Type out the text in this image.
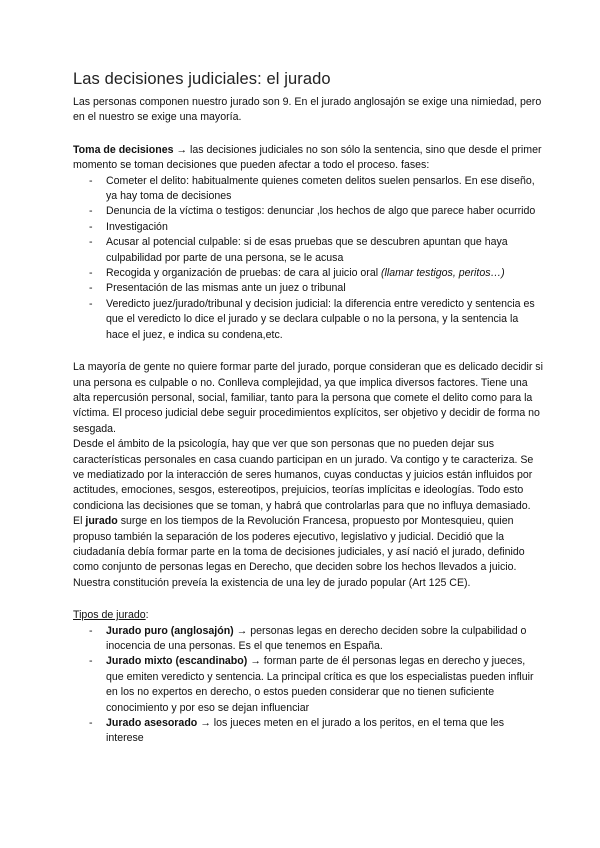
Las decisiones judiciales: el jurado

Las personas componen nuestro jurado son 9. En el jurado anglosajón se exige una nimiedad, pero en el nuestro se exige una mayoría.

Toma de decisiones → las decisiones judiciales no son sólo la sentencia, sino que desde el primer momento se toman decisiones que pueden afectar a todo el proceso. fases:

- Cometer el delito: habitualmente quienes cometen delitos suelen pensarlos. En ese diseño, ya hay toma de decisiones
- Denuncia de la víctima o testigos: denunciar ,los hechos de algo que parece haber ocurrido
- Investigación
- Acusar al potencial culpable: si de esas pruebas que se descubren apuntan que haya culpabilidad por parte de una persona, se le acusa
- Recogida y organización de pruebas: de cara al juicio oral (llamar testigos, peritos…)
- Presentación de las mismas ante un juez o tribunal
- Veredicto juez/jurado/tribunal y decision judicial: la diferencia entre veredicto y sentencia es que el veredicto lo dice el jurado y se declara culpable o no la persona, y la sentencia la hace el juez, e indica su condena,etc.

La mayoría de gente no quiere formar parte del jurado, porque consideran que es delicado decidir si una persona es culpable o no. Conlleva complejidad, ya que implica diversos factores. Tiene una alta repercusión personal, social, familiar, tanto para la persona que comete el delito como para la víctima. El proceso judicial debe seguir procedimientos explícitos, ser objetivo y decidir de forma no sesgada.

Desde el ámbito de la psicología, hay que ver que son personas que no pueden dejar sus características personales en casa cuando participan en un jurado. Va contigo y te caracteriza. Se ve mediatizado por la interacción de seres humanos, cuyas conductas y juicios están influidos por actitudes, emociones, sesgos, estereotipos, prejuicios, teorías implícitas e ideologías. Todo esto condiciona las decisiones que se toman, y habrá que controlarlas para que no influya demasiado.

El jurado surge en los tiempos de la Revolución Francesa, propuesto por Montesquieu, quien propuso también la separación de los poderes ejecutivo, legislativo y judicial. Decidió que la ciudadanía debía formar parte en la toma de decisiones judiciales, y así nació el jurado, definido como conjunto de personas legas en Derecho, que deciden sobre los hechos llevados a juicio.

Nuestra constitución preveía la existencia de una ley de jurado popular (Art 125 CE).

Tipos de jurado:

- Jurado puro (anglosajón) → personas legas en derecho deciden sobre la culpabilidad o inocencia de una personas. Es el que tenemos en España.
- Jurado mixto (escandinabo) → forman parte de él personas legas en derecho y jueces, que emiten veredicto y sentencia. La principal crítica es que los especialistas pueden influir en los no expertos en derecho, o estos pueden considerar que no tienen suficiente conocimiento y por eso se dejan influenciar
- Jurado asesorado → los jueces meten en el jurado a los peritos, en el tema que les interese
